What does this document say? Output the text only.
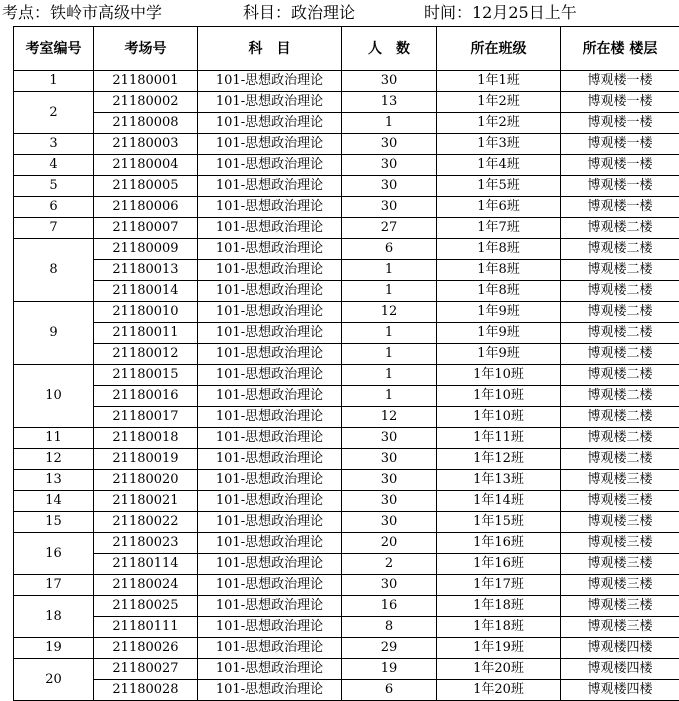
考点：铁岭市高级中学	科目：政治理论	时间：12月25日上午
考室编号	考场号	科　目	人　数	所在班级	所在楼 楼层
1	21180001	101-思想政治理论	30	1年1班	博观楼一楼
2	21180002	101-思想政治理论	13	1年2班	博观楼一楼
	21180008	101-思想政治理论	1	1年2班	博观楼一楼
3	21180003	101-思想政治理论	30	1年3班	博观楼一楼
4	21180004	101-思想政治理论	30	1年4班	博观楼一楼
5	21180005	101-思想政治理论	30	1年5班	博观楼一楼
6	21180006	101-思想政治理论	30	1年6班	博观楼一楼
7	21180007	101-思想政治理论	27	1年7班	博观楼二楼
8	21180009	101-思想政治理论	6	1年8班	博观楼二楼
	21180013	101-思想政治理论	1	1年8班	博观楼二楼
	21180014	101-思想政治理论	1	1年8班	博观楼二楼
9	21180010	101-思想政治理论	12	1年9班	博观楼二楼
	21180011	101-思想政治理论	1	1年9班	博观楼二楼
	21180012	101-思想政治理论	1	1年9班	博观楼二楼
10	21180015	101-思想政治理论	1	1年10班	博观楼二楼
	21180016	101-思想政治理论	1	1年10班	博观楼二楼
	21180017	101-思想政治理论	12	1年10班	博观楼二楼
11	21180018	101-思想政治理论	30	1年11班	博观楼二楼
12	21180019	101-思想政治理论	30	1年12班	博观楼二楼
13	21180020	101-思想政治理论	30	1年13班	博观楼三楼
14	21180021	101-思想政治理论	30	1年14班	博观楼三楼
15	21180022	101-思想政治理论	30	1年15班	博观楼三楼
16	21180023	101-思想政治理论	20	1年16班	博观楼三楼
	21180114	101-思想政治理论	2	1年16班	博观楼三楼
17	21180024	101-思想政治理论	30	1年17班	博观楼三楼
18	21180025	101-思想政治理论	16	1年18班	博观楼三楼
	21180111	101-思想政治理论	8	1年18班	博观楼三楼
19	21180026	101-思想政治理论	29	1年19班	博观楼四楼
20	21180027	101-思想政治理论	19	1年20班	博观楼四楼
	21180028	101-思想政治理论	6	1年20班	博观楼四楼
